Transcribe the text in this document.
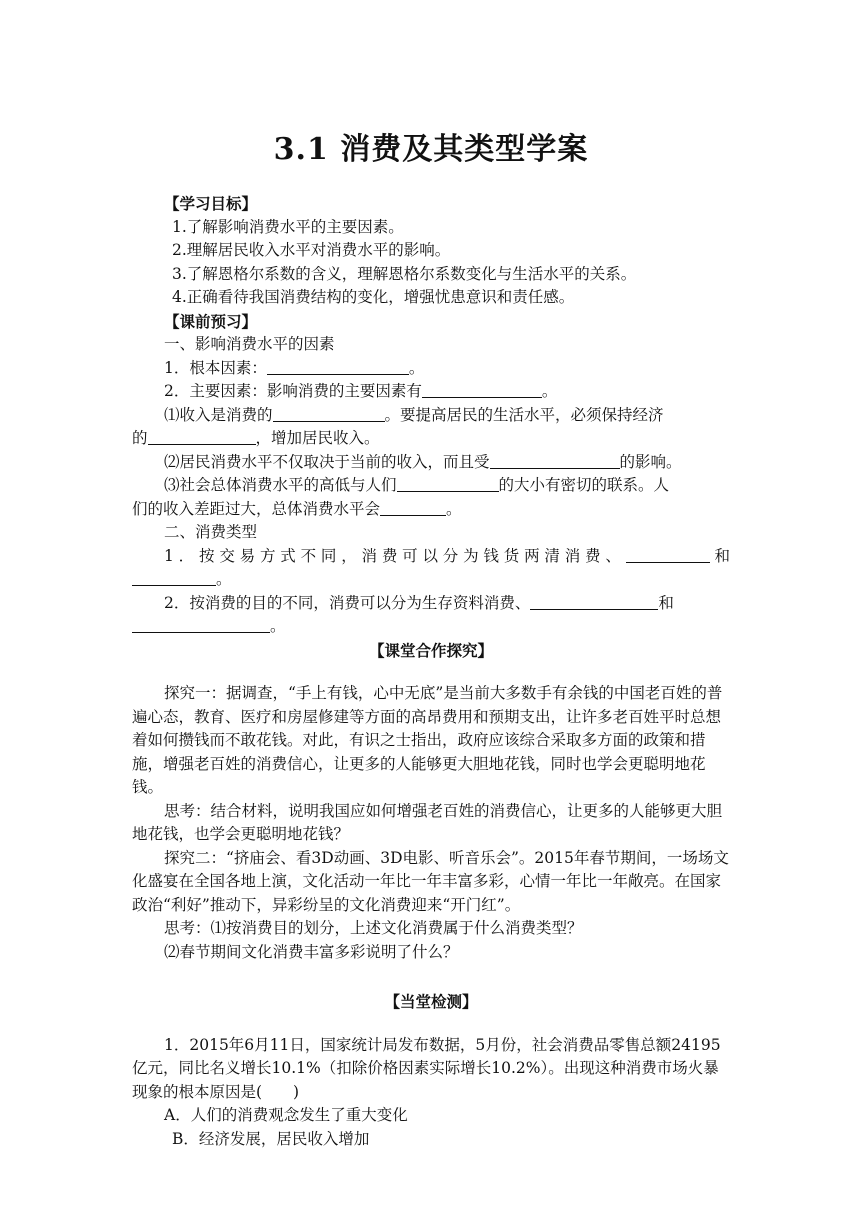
3.1 消费及其类型学案

【学习目标】

1.了解影响消费水平的主要因素。

2.理解居民收入水平对消费水平的影响。

3.了解恩格尔系数的含义，理解恩格尔系数变化与生活水平的关系。

4.正确看待我国消费结构的变化，增强忧患意识和责任感。

【课前预习】

一、影响消费水平的因素

1．根本因素：	。

2．主要因素：影响消费的主要因素有	。

⑴收入是消费的	。要提高居民的生活水平，必须保持经济

的	，增加居民收入。

⑵居民消费水平不仅取决于当前的收入，而且受	的影响。

⑶社会总体消费水平的高低与人们	的大小有密切的联系。人

们的收入差距过大，总体消费水平会	。

二、消费类型

1．按交易方式不同，消费可以分为钱货两清消费、	和

。

2．按消费的目的不同，消费可以分为生存资料消费、	和

。

【课堂合作探究】

探究一：据调查，“手上有钱，心中无底”是当前大多数手有余钱的中国老百姓的普遍心态，教育、医疗和房屋修建等方面的高昂费用和预期支出，让许多老百姓平时总想着如何攒钱而不敢花钱。对此，有识之士指出，政府应该综合采取多方面的政策和措施，增强老百姓的消费信心，让更多的人能够更大胆地花钱，同时也学会更聪明地花钱。

思考：结合材料，说明我国应如何增强老百姓的消费信心，让更多的人能够更大胆地花钱，也学会更聪明地花钱？

探究二：“挤庙会、看3D动画、3D电影、听音乐会”。2015年春节期间，一场场文化盛宴在全国各地上演，文化活动一年比一年丰富多彩，心情一年比一年敞亮。在国家政治“利好”推动下，异彩纷呈的文化消费迎来“开门红”。

思考：⑴按消费目的划分，上述文化消费属于什么消费类型？

⑵春节期间文化消费丰富多彩说明了什么？

【当堂检测】

1．2015年6月11日，国家统计局发布数据，5月份，社会消费品零售总额24195亿元，同比名义增长10.1%（扣除价格因素实际增长10.2%）。出现这种消费市场火暴现象的根本原因是(　　)

A．人们的消费观念发生了重大变化

B．经济发展，居民收入增加
